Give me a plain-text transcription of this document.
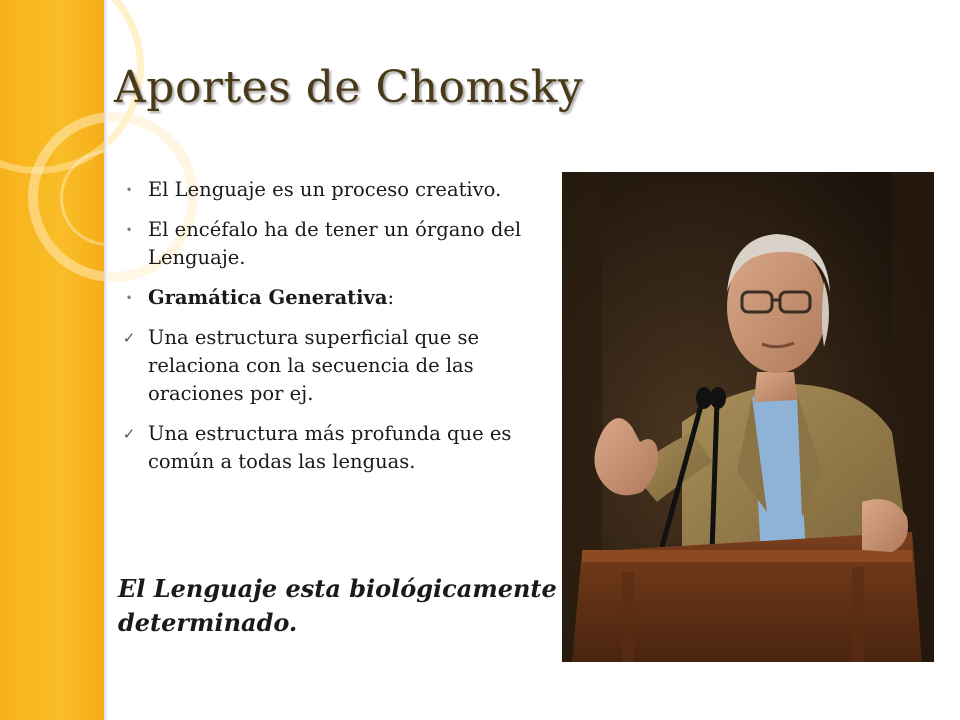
Aportes de Chomsky
• El Lenguaje es un proceso creativo.
• El encéfalo ha de tener un órgano del Lenguaje.
• Gramática Generativa:
✓ Una estructura superficial que se relaciona con la secuencia de las oraciones por ej.
✓ Una estructura más profunda que es común a todas las lenguas.
El Lenguaje esta biológicamente determinado.
